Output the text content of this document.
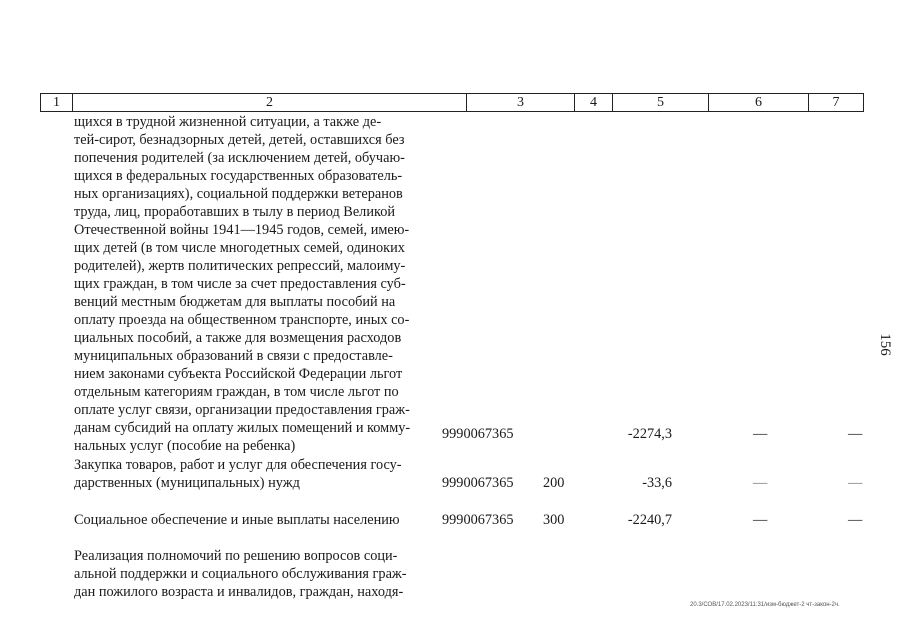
1	2	3	4	5	6	7
щихся в трудной жизненной ситуации, а также де-
тей-сирот, безнадзорных детей, детей, оставшихся без
попечения родителей (за исключением детей, обучаю-
щихся в федеральных государственных образователь-
ных организациях), социальной поддержки ветеранов
труда, лиц, проработавших в тылу в период Великой
Отечественной войны 1941—1945 годов, семей, имею-
щих детей (в том числе многодетных семей, одиноких
родителей), жертв политических репрессий, малоиму-
щих граждан, в том числе за счет предоставления суб-
венций местным бюджетам для выплаты пособий на
оплату проезда на общественном транспорте, иных со-
циальных пособий, а также для возмещения расходов
муниципальных образований в связи с предоставле-
нием законами субъекта Российской Федерации льгот
отдельным категориям граждан, в том числе льгот по
оплате услуг связи, организации предоставления граж-
данам субсидий на оплату жилых помещений и комму-
нальных услуг (пособие на ребенка)
9990067365	-2274,3	—	—
Закупка товаров, работ и услуг для обеспечения госу-
дарственных (муниципальных) нужд	9990067365 200	-33,6	—	—
Социальное обеспечение и иные выплаты населению	9990067365 300	-2240,7	—	—
Реализация полномочий по решению вопросов соци-
альной поддержки и социального обслуживания граж-
дан пожилого возраста и инвалидов, граждан, находя-
156
20.3/СОВ/17.02.2023/11:31/изм-бюджет-2 чт-закон-2ч.
